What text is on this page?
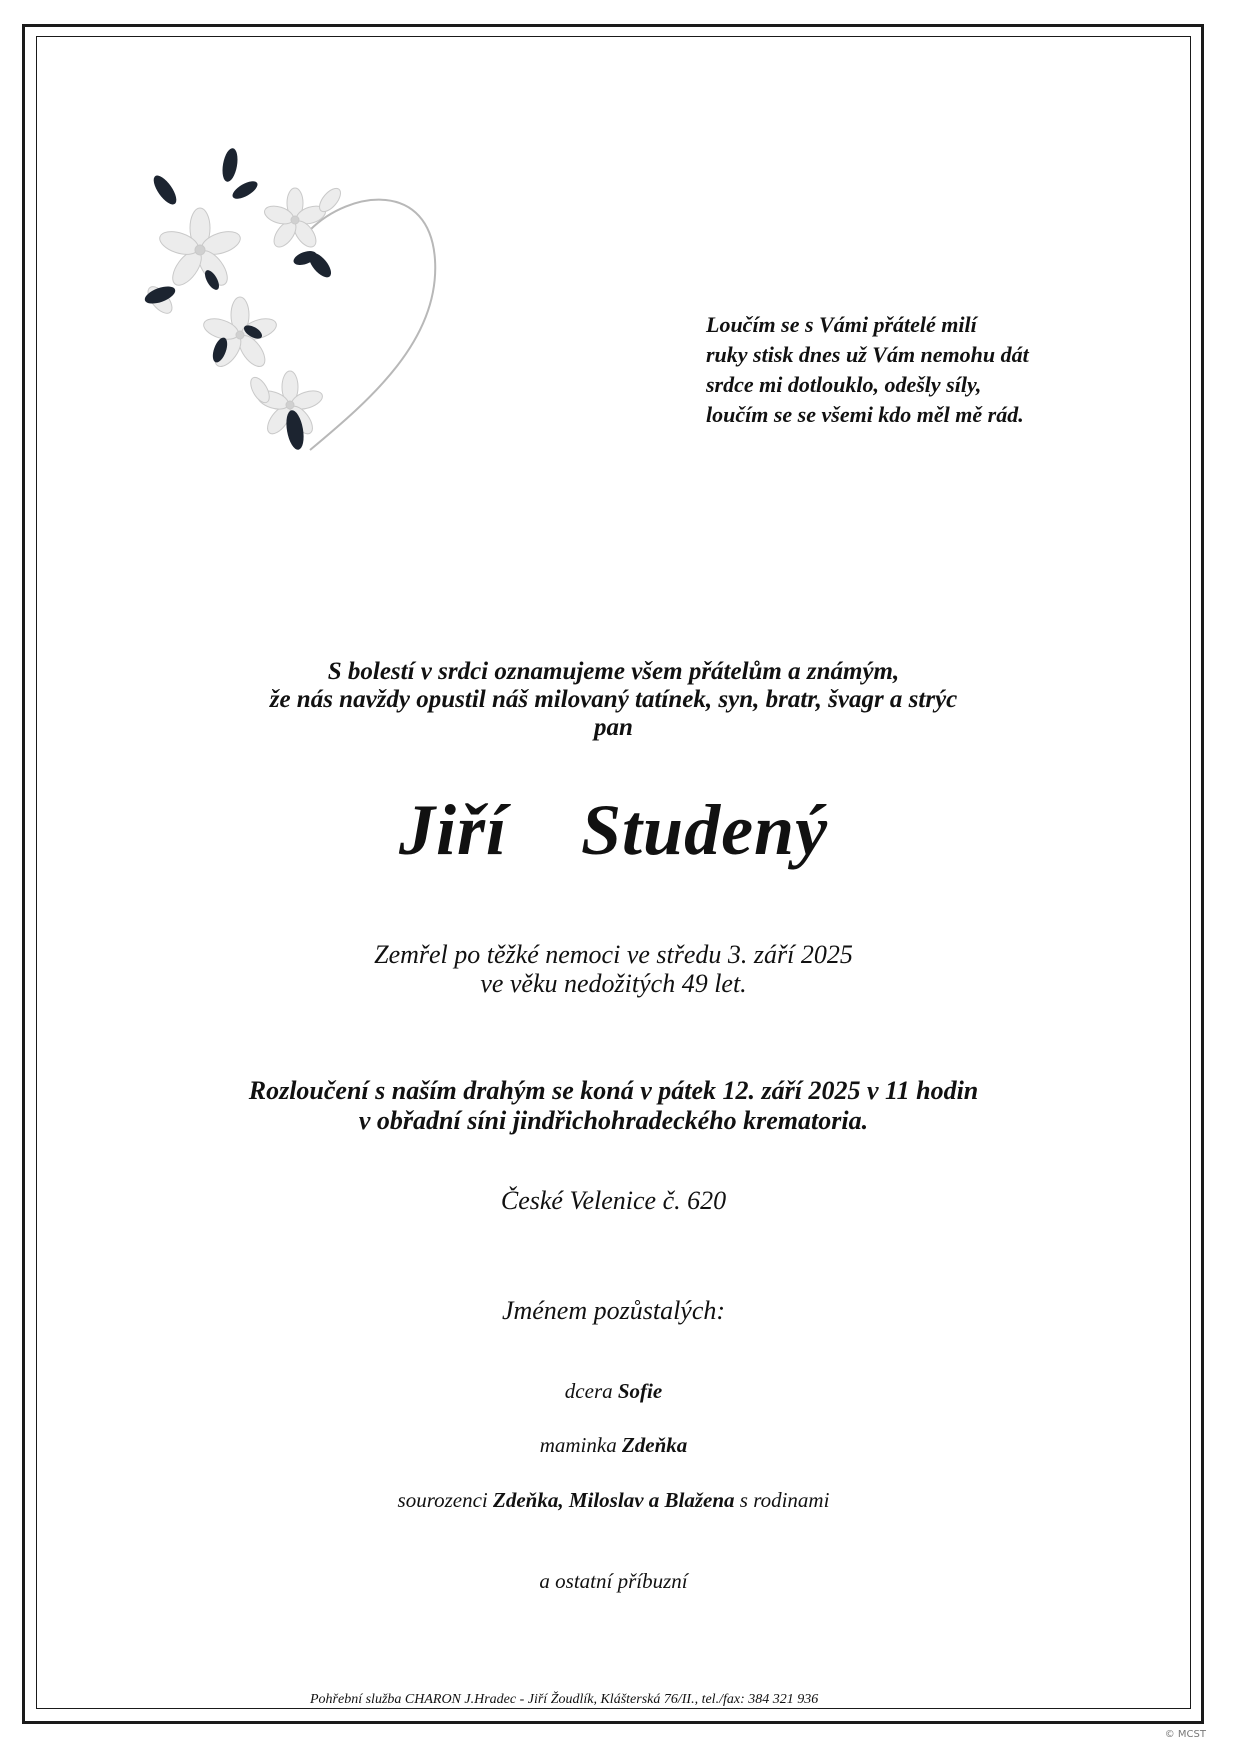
Loučím se s Vámi přátelé milí
ruky stisk dnes už Vám nemohu dát
srdce mi dotlouklo, odešly síly,
loučím se se všemi kdo měl mě rád.
S bolestí v srdci oznamujeme všem přátelům a známým,
že nás navždy opustil náš milovaný tatínek, syn, bratr, švagr a strýc
pan
Jiří  Studený
Zemřel po těžké nemoci ve středu 3. září 2025
ve věku nedožitých 49 let.
Rozloučení s naším drahým se koná v pátek 12. září 2025 v 11 hodin
v obřadní síni jindřichohradeckého krematoria.
České Velenice č. 620
Jménem pozůstalých:
dcera Sofie
maminka Zdeňka
sourozenci Zdeňka, Miloslav a Blažena s rodinami
a ostatní příbuzní
Pohřební služba CHARON J.Hradec - Jiří Žoudlík, Klášterská 76/II., tel./fax: 384 321 936
© MCST
